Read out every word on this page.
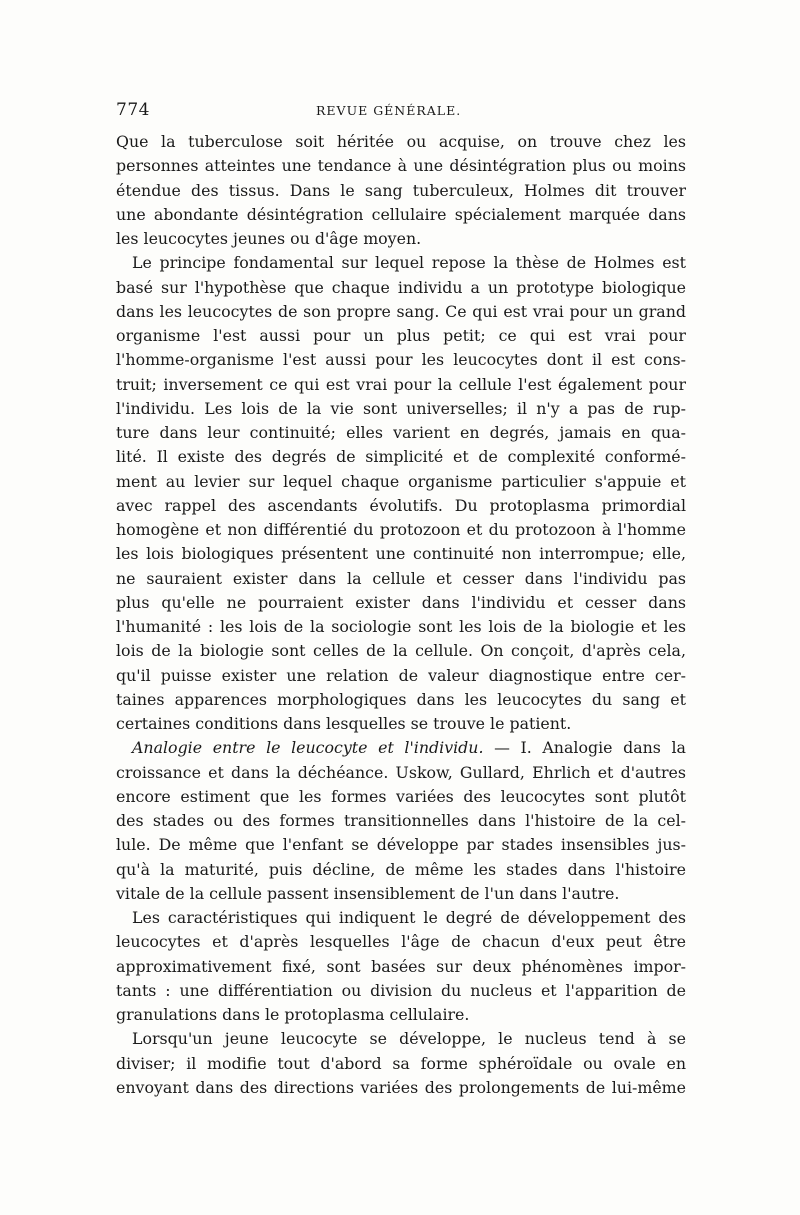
774	REVUE GÉNÉRALE.
Que la tuberculose soit héritée ou acquise, on trouve chez les
personnes atteintes une tendance à une désintégration plus ou moins
étendue des tissus. Dans le sang tuberculeux, Holmes dit trouver
une abondante désintégration cellulaire spécialement marquée dans
les leucocytes jeunes ou d'âge moyen.
Le principe fondamental sur lequel repose la thèse de Holmes est
basé sur l'hypothèse que chaque individu a un prototype biologique
dans les leucocytes de son propre sang. Ce qui est vrai pour un grand
organisme l'est aussi pour un plus petit; ce qui est vrai pour
l'homme-organisme l'est aussi pour les leucocytes dont il est cons-
truit; inversement ce qui est vrai pour la cellule l'est également pour
l'individu. Les lois de la vie sont universelles; il n'y a pas de rup-
ture dans leur continuité; elles varient en degrés, jamais en qua-
lité. Il existe des degrés de simplicité et de complexité conformé-
ment au levier sur lequel chaque organisme particulier s'appuie et
avec rappel des ascendants évolutifs. Du protoplasma primordial
homogène et non différentié du protozoon et du protozoon à l'homme
les lois biologiques présentent une continuité non interrompue; elle,
ne sauraient exister dans la cellule et cesser dans l'individu pas
plus qu'elle ne pourraient exister dans l'individu et cesser dans
l'humanité : les lois de la sociologie sont les lois de la biologie et les
lois de la biologie sont celles de la cellule. On conçoit, d'après cela,
qu'il puisse exister une relation de valeur diagnostique entre cer-
taines apparences morphologiques dans les leucocytes du sang et
certaines conditions dans lesquelles se trouve le patient.
Analogie entre le leucocyte et l'individu. — I. Analogie dans la
croissance et dans la déchéance. Uskow, Gullard, Ehrlich et d'autres
encore estiment que les formes variées des leucocytes sont plutôt
des stades ou des formes transitionnelles dans l'histoire de la cel-
lule. De même que l'enfant se développe par stades insensibles jus-
qu'à la maturité, puis décline, de même les stades dans l'histoire
vitale de la cellule passent insensiblement de l'un dans l'autre.
Les caractéristiques qui indiquent le degré de développement des
leucocytes et d'après lesquelles l'âge de chacun d'eux peut être
approximativement fixé, sont basées sur deux phénomènes impor-
tants : une différentiation ou division du nucleus et l'apparition de
granulations dans le protoplasma cellulaire.
Lorsqu'un jeune leucocyte se développe, le nucleus tend à se
diviser; il modifie tout d'abord sa forme sphéroïdale ou ovale en
envoyant dans des directions variées des prolongements de lui-même
